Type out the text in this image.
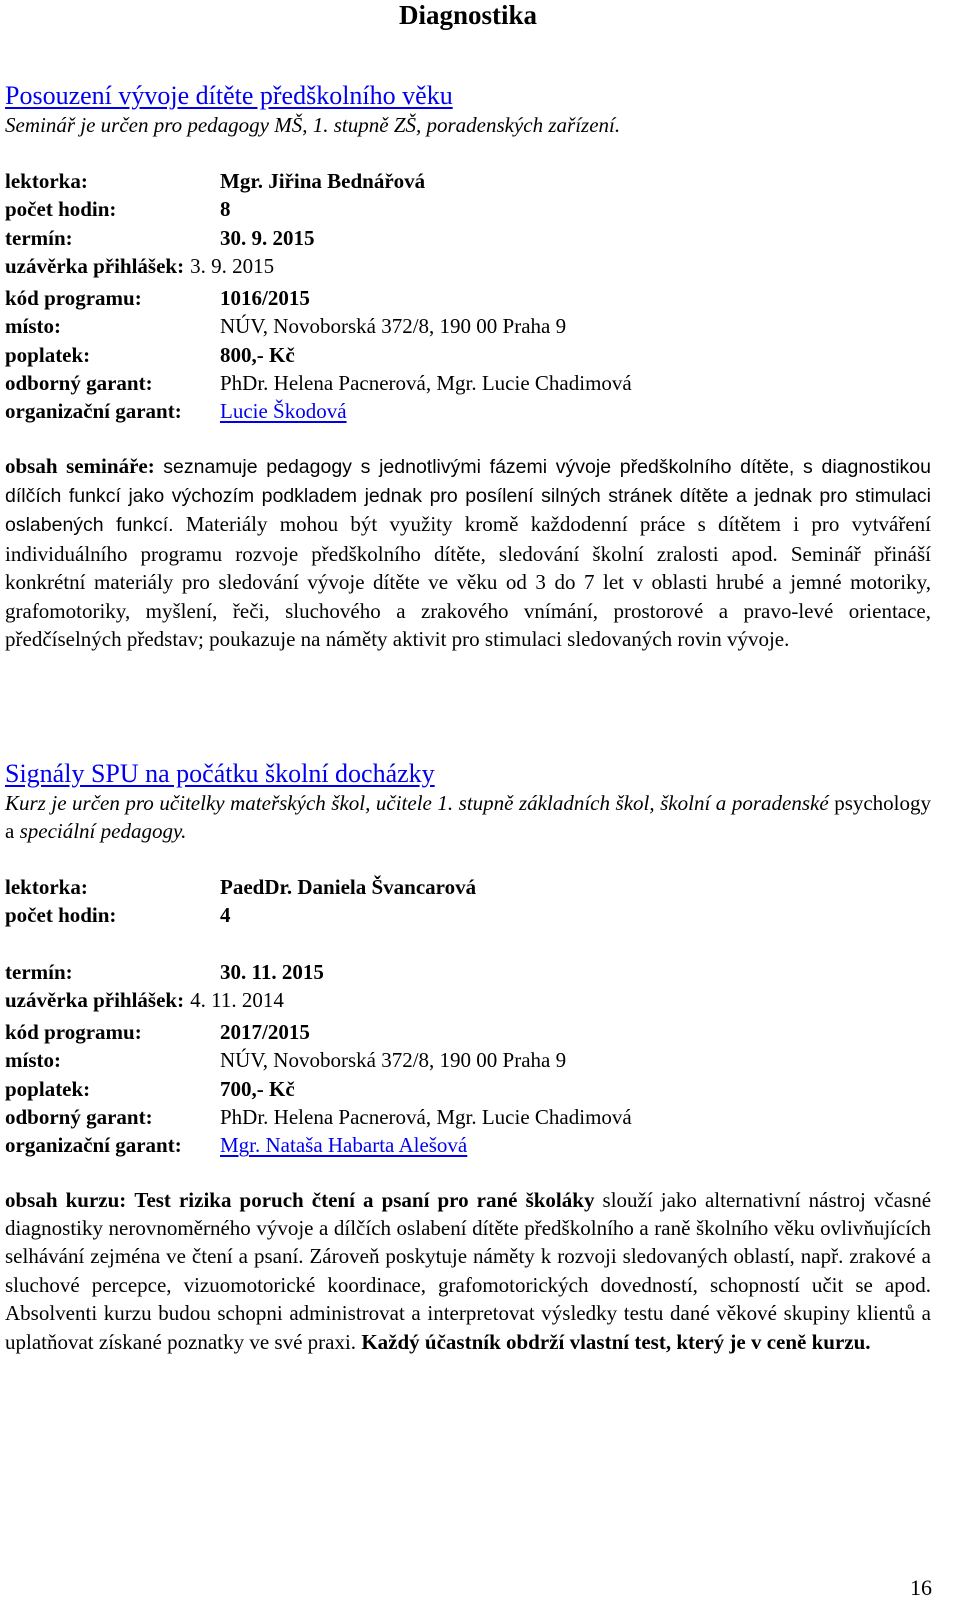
Diagnostika
Posouzení vývoje dítěte předškolního věku

Seminář je určen pro pedagogy MŠ, 1. stupně ZŠ, poradenských zařízení.

lektorka:	Mgr. Jiřina Bednářová
počet hodin:	8
termín:	30. 9. 2015
uzávěrka přihlášek: 3. 9. 2015
kód programu:	1016/2015
místo:	NÚV, Novoborská 372/8, 190 00 Praha 9
poplatek:	800,- Kč
odborný garant:	PhDr. Helena Pacnerová, Mgr. Lucie Chadimová
organizační garant:	Lucie Škodová

obsah semináře: seznamuje pedagogy s jednotlivými fázemi vývoje předškolního dítěte, s diagnostikou dílčích funkcí jako výchozím podkladem jednak pro posílení silných stránek dítěte a jednak pro stimulaci oslabených funkcí. Materiály mohou být využity kromě každodenní práce s dítětem i pro vytváření individuálního programu rozvoje předškolního dítěte, sledování školní zralosti apod. Seminář přináší konkrétní materiály pro sledování vývoje dítěte ve věku od 3 do 7 let v oblasti hrubé a jemné motoriky, grafomotoriky, myšlení, řeči, sluchového a zrakového vnímání, prostorové a pravo-levé orientace, předčíselných představ; poukazuje na náměty aktivit pro stimulaci sledovaných rovin vývoje.

Signály SPU na počátku školní docházky

Kurz je určen pro učitelky mateřských škol, učitele 1. stupně základních škol, školní a poradenské psychology a speciální pedagogy.

lektorka:	PaedDr. Daniela Švancarová
počet hodin:	4
termín:	30. 11. 2015
uzávěrka přihlášek: 4. 11. 2014
kód programu:	2017/2015
místo:	NÚV, Novoborská 372/8, 190 00 Praha 9
poplatek:	700,- Kč
odborný garant:	PhDr. Helena Pacnerová, Mgr. Lucie Chadimová
organizační garant:	Mgr. Nataša Habarta Alešová

obsah kurzu: Test rizika poruch čtení a psaní pro rané školáky slouží jako alternativní nástroj včasné diagnostiky nerovnoměrného vývoje a dílčích oslabení dítěte předškolního a raně školního věku ovlivňujících selhávání zejména ve čtení a psaní. Zároveň poskytuje náměty k rozvoji sledovaných oblastí, např. zrakové a sluchové percepce, vizuomotorické koordinace, grafomotorických dovedností, schopností učit se apod. Absolventi kurzu budou schopni administrovat a interpretovat výsledky testu dané věkové skupiny klientů a uplatňovat získané poznatky ve své praxi. Každý účastník obdrží vlastní test, který je v ceně kurzu.

16
